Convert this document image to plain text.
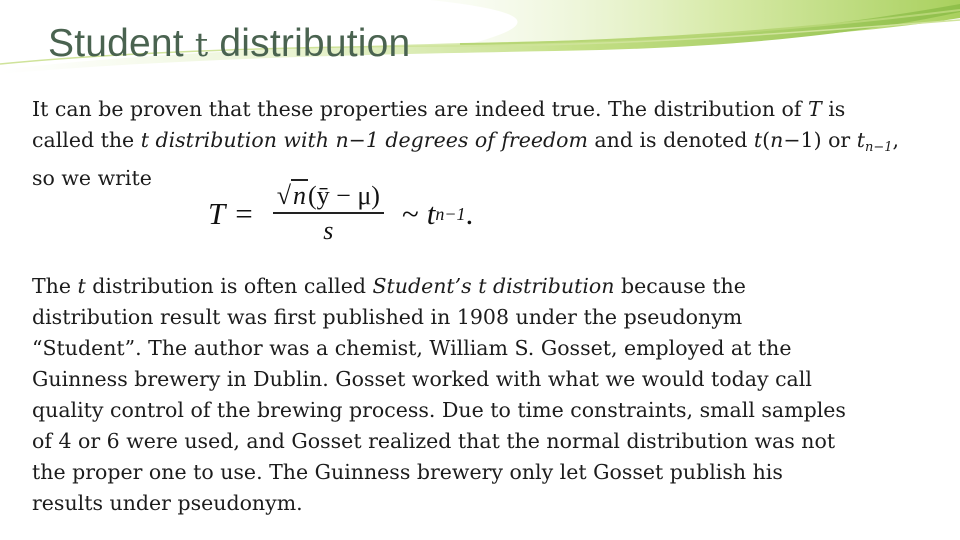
Student t distribution
It can be proven that these properties are indeed true. The distribution of T is
called the t distribution with n−1 degrees of freedom and is denoted t(n−1) or $t_{n-1}$,
so we write
$T = \frac{√n(ȳ - \mu)}{s}$ ~ t n−1 .
The t distribution is often called Student’s t distribution because the
distribution result was first published in 1908 under the pseudonym
“Student”. The author was a chemist, William S. Gosset, employed at the
Guinness brewery in Dublin. Gosset worked with what we would today call
quality control of the brewing process. Due to time constraints, small samples
of 4 or 6 were used, and Gosset realized that the normal distribution was not
the proper one to use. The Guinness brewery only let Gosset publish his
results under pseudonym.
